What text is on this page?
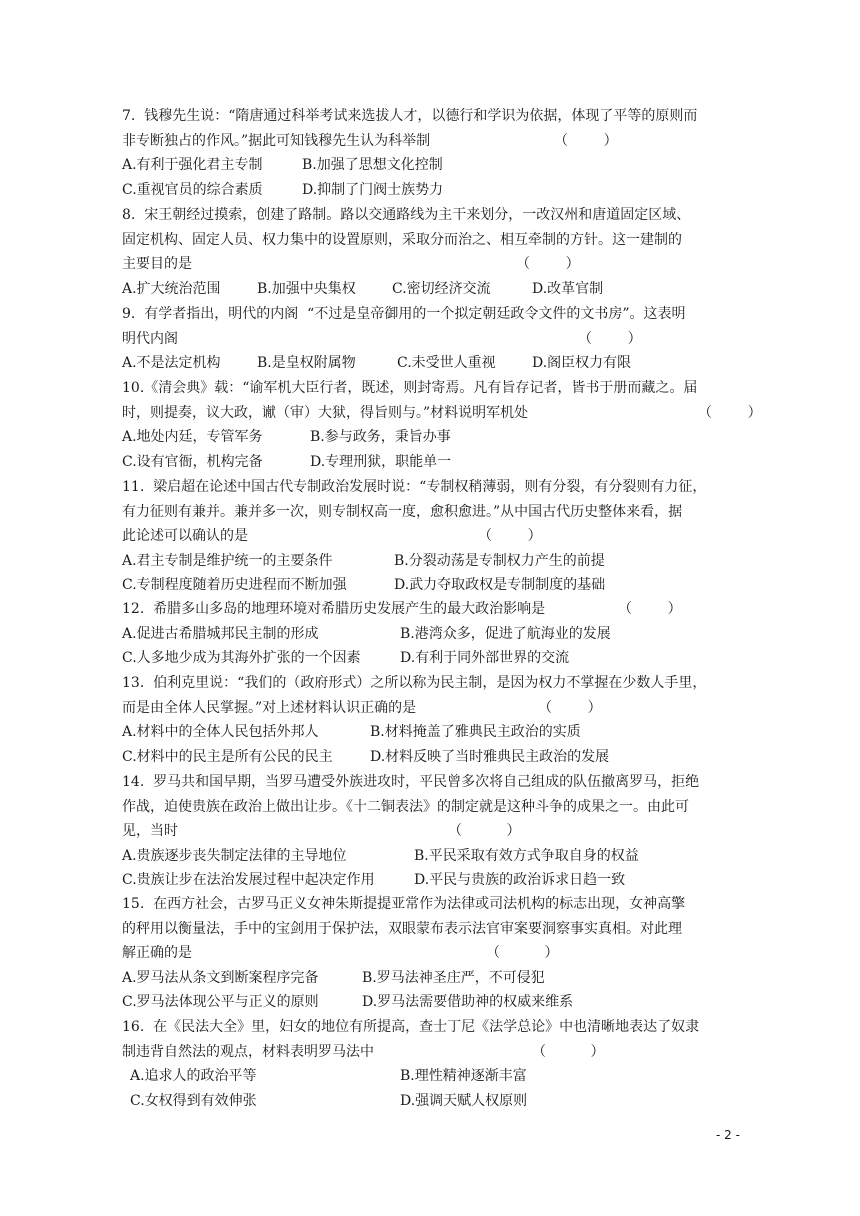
7.  钱穆先生说：“隋唐通过科举考试来选拔人才，以德行和学识为依据，体现了平等的原则而
非专断独占的作风。”据此可知钱穆先生认为科举制	（        ）
A.有利于强化君主专制	B.加强了思想文化控制
C.重视官员的综合素质	D.抑制了门阀士族势力
8.  宋王朝经过摸索，创建了路制。路以交通路线为主干来划分，一改汉州和唐道固定区域、
固定机构、固定人员、权力集中的设置原则，采取分而治之、相互牵制的方针。这一建制的
主要目的是	（        ）
A.扩大统治范围	B.加强中央集权	C.密切经济交流	D.改革官制
9.  有学者指出，明代的内阁  “不过是皇帝御用的一个拟定朝廷政令文件的文书房”。这表明
明代内阁	（        ）
A.不是法定机构	B.是皇权附属物	C.未受世人重视	D.阁臣权力有限
10.《清会典》载：“谕军机大臣行者，既述，则封寄焉。凡有旨存记者，皆书于册而藏之。届
时，则提奏，议大政，谳（审）大狱，得旨则与。”材料说明军机处	（        ）
A.地处内廷，专管军务	B.参与政务，秉旨办事
C.设有官衙，机构完备	D.专理刑狱，职能单一
11.  梁启超在论述中国古代专制政治发展时说：“专制权稍薄弱，则有分裂，有分裂则有力征，
有力征则有兼并。兼并多一次，则专制权高一度，愈积愈进。”从中国古代历史整体来看，据
此论述可以确认的是	（        ）
A.君主专制是维护统一的主要条件	B.分裂动荡是专制权力产生的前提
C.专制程度随着历史进程而不断加强	D.武力夺取政权是专制制度的基础
12.  希腊多山多岛的地理环境对希腊历史发展产生的最大政治影响是	（        ）
A.促进古希腊城邦民主制的形成	B.港湾众多，促进了航海业的发展
C.人多地少成为其海外扩张的一个因素	D.有利于同外部世界的交流
13.  伯利克里说：“我们的（政府形式）之所以称为民主制，是因为权力不掌握在少数人手里，
而是由全体人民掌握。”对上述材料认识正确的是	（        ）
A.材料中的全体人民包括外邦人	B.材料掩盖了雅典民主政治的实质
C.材料中的民主是所有公民的民主	D.材料反映了当时雅典民主政治的发展
14.  罗马共和国早期，当罗马遭受外族进攻时，平民曾多次将自己组成的队伍撤离罗马，拒绝
作战，迫使贵族在政治上做出让步。《十二铜表法》的制定就是这种斗争的成果之一。由此可
见，当时	（          ）
A.贵族逐步丧失制定法律的主导地位	B.平民采取有效方式争取自身的权益
C.贵族让步在法治发展过程中起决定作用	D.平民与贵族的政治诉求日趋一致
15.  在西方社会，古罗马正义女神朱斯提提亚常作为法律或司法机构的标志出现，女神高擎
的秤用以衡量法，手中的宝剑用于保护法，双眼蒙布表示法官审案要洞察事实真相。对此理
解正确的是	（          ）
A.罗马法从条文到断案程序完备	B.罗马法神圣庄严，不可侵犯
C.罗马法体现公平与正义的原则	D.罗马法需要借助神的权威来维系
16.  在《民法大全》里，妇女的地位有所提高，查士丁尼《法学总论》中也清晰地表达了奴隶
制违背自然法的观点，材料表明罗马法中	（          ）
A.追求人的政治平等	B.理性精神逐渐丰富
C.女权得到有效伸张	D.强调天赋人权原则
- 2 -
